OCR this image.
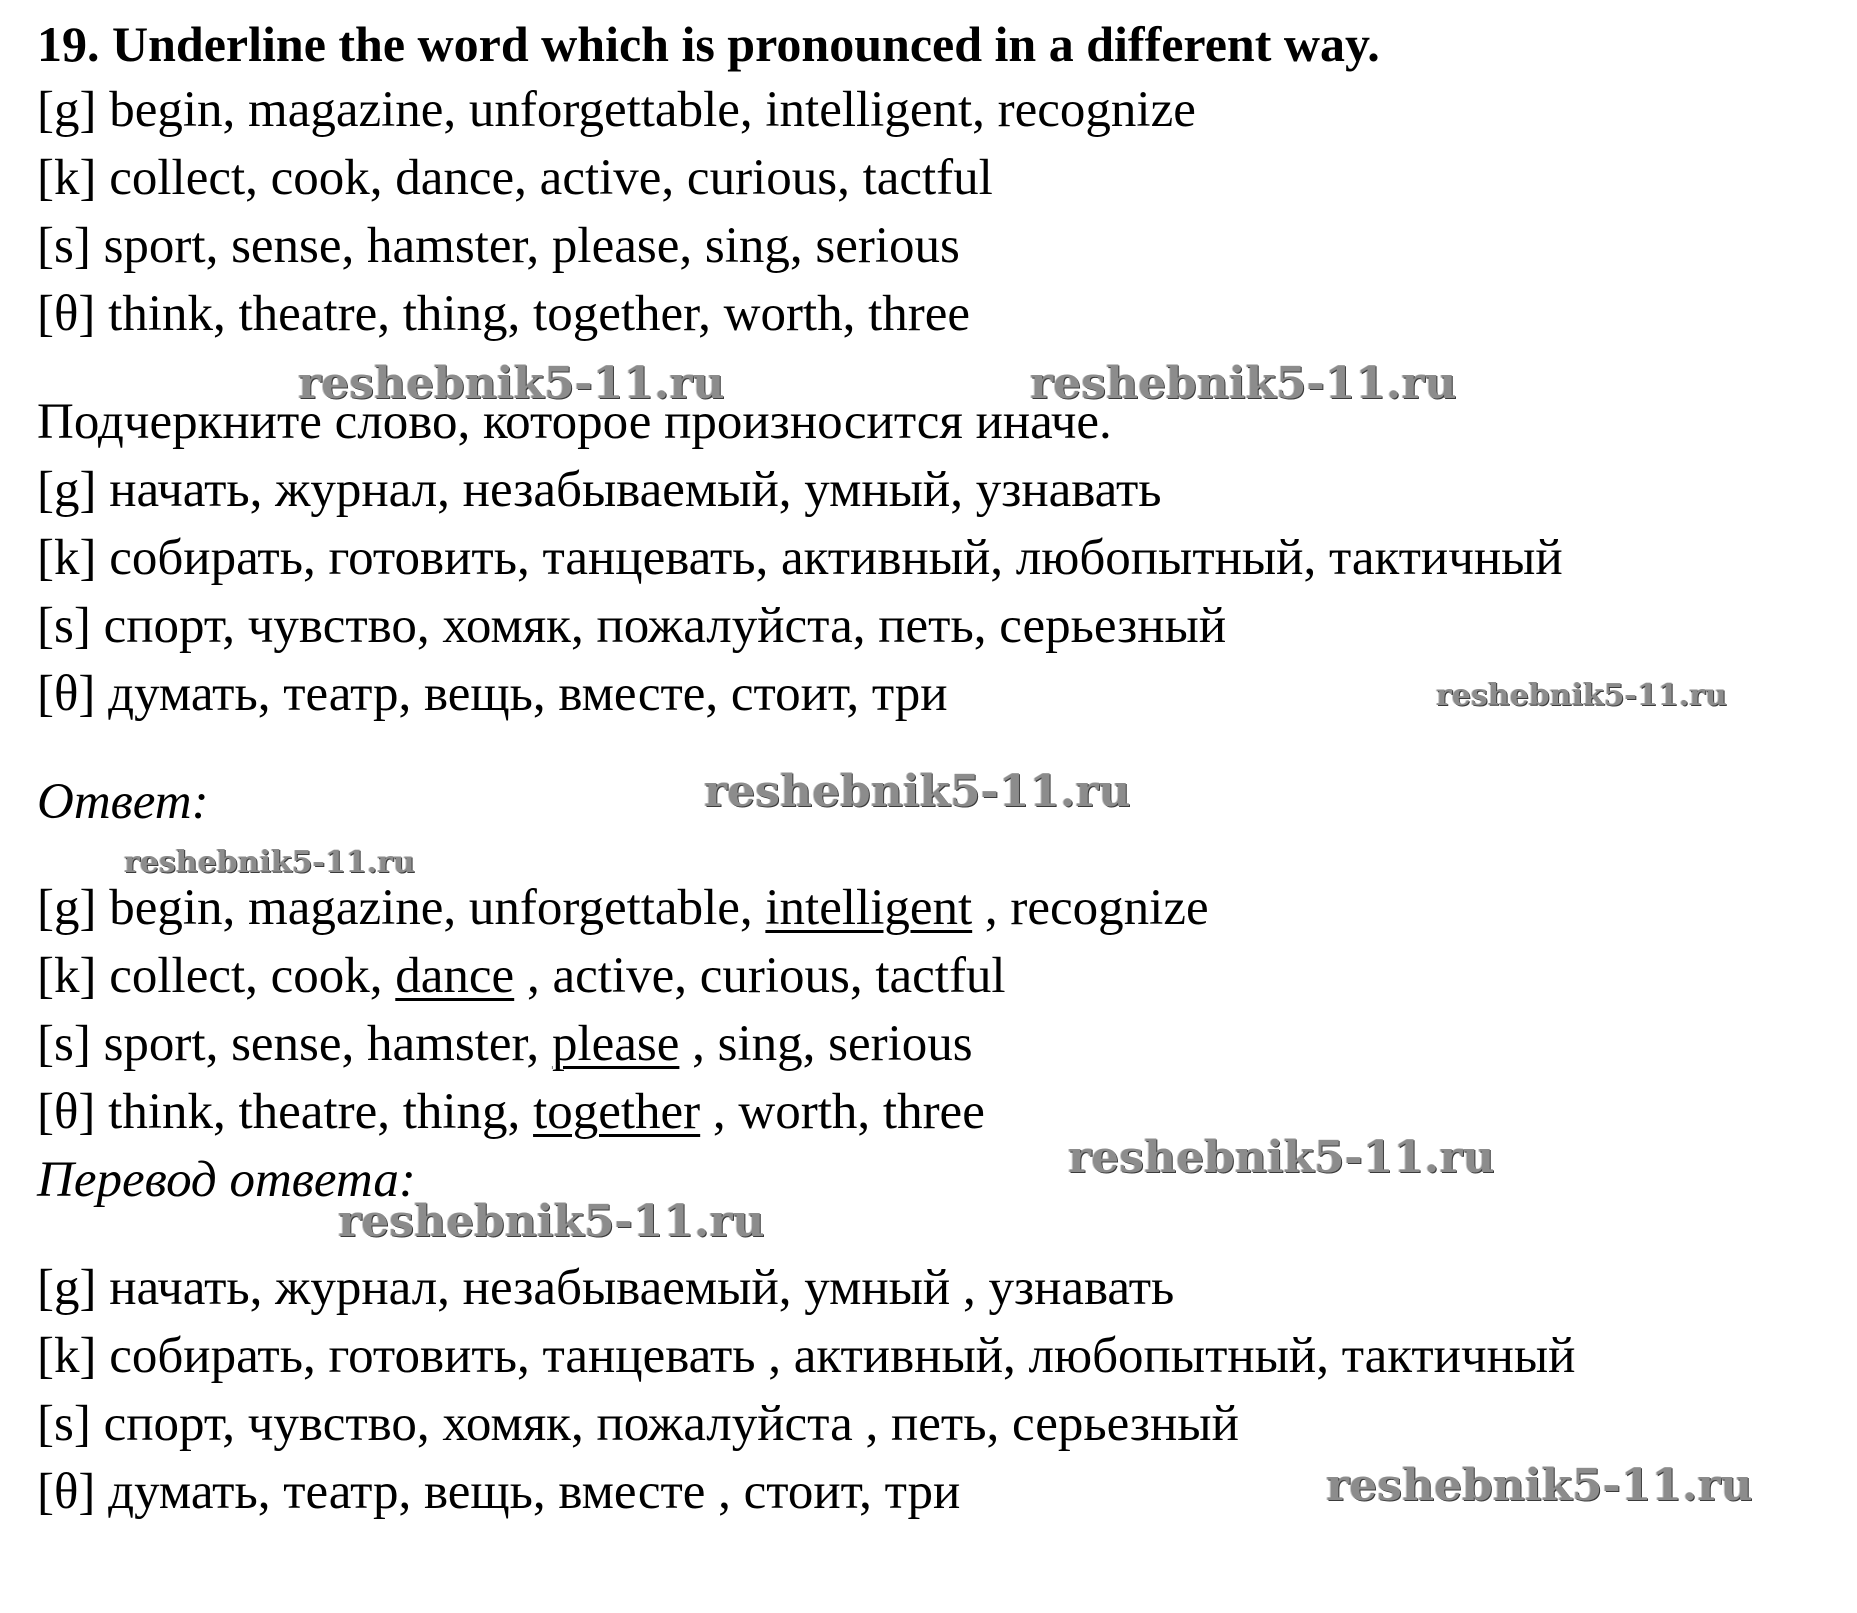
19. Underline the word which is pronounced in a different way.
[g] begin, magazine, unforgettable, intelligent, recognize
[k] collect, cook, dance, active, curious, tactful
[s] sport, sense, hamster, please, sing, serious
[θ] think, theatre, thing, together, worth, three
Подчеркните слово, которое произносится иначе.
[g] начать, журнал, незабываемый, умный, узнавать
[k] собирать, готовить, танцевать, активный, любопытный, тактичный
[s] спорт, чувство, хомяк, пожалуйста, петь, серьезный
[θ] думать, театр, вещь, вместе, стоит, три
Ответ:
[g] begin, magazine, unforgettable, intelligent , recognize
[k] collect, cook, dance , active, curious, tactful
[s] sport, sense, hamster, please , sing, serious
[θ] think, theatre, thing, together , worth, three
Перевод ответа:
[g] начать, журнал, незабываемый, умный , узнавать
[k] собирать, готовить, танцевать , активный, любопытный, тактичный
[s] спорт, чувство, хомяк, пожалуйста , петь, серьезный
[θ] думать, театр, вещь, вместе , стоит, три
reshebnik5-11.ru	reshebnik5-11.ru
reshebnik5-11.ru
reshebnik5-11.ru
reshebnik5-11.ru
reshebnik5-11.ru
reshebnik5-11.ru
reshebnik5-11.ru
